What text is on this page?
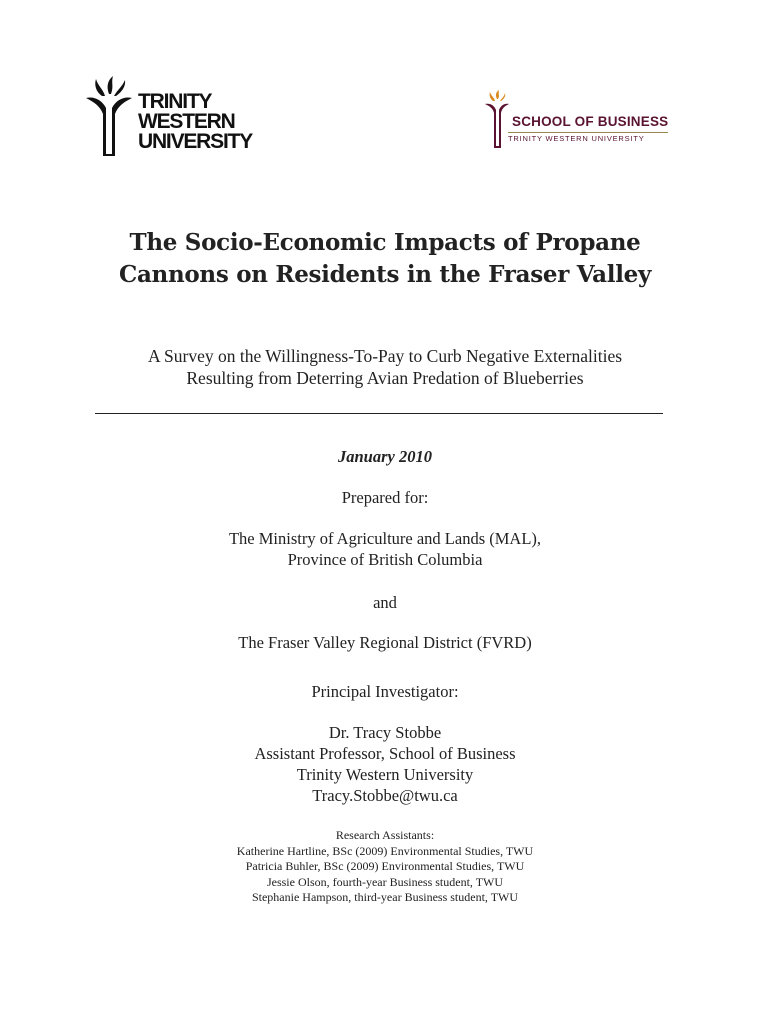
TRINITY
WESTERN
UNIVERSITY
SCHOOL OF BUSINESS
TRINITY WESTERN UNIVERSITY
The Socio-Economic Impacts of Propane
Cannons on Residents in the Fraser Valley
A Survey on the Willingness-To-Pay to Curb Negative Externalities
Resulting from Deterring Avian Predation of Blueberries
January 2010
Prepared for:
The Ministry of Agriculture and Lands (MAL),
Province of British Columbia
and
The Fraser Valley Regional District (FVRD)
Principal Investigator:
Dr. Tracy Stobbe
Assistant Professor, School of Business
Trinity Western University
Tracy.Stobbe@twu.ca
Research Assistants:
Katherine Hartline, BSc (2009) Environmental Studies, TWU
Patricia Buhler, BSc (2009) Environmental Studies, TWU
Jessie Olson, fourth-year Business student, TWU
Stephanie Hampson, third-year Business student, TWU
